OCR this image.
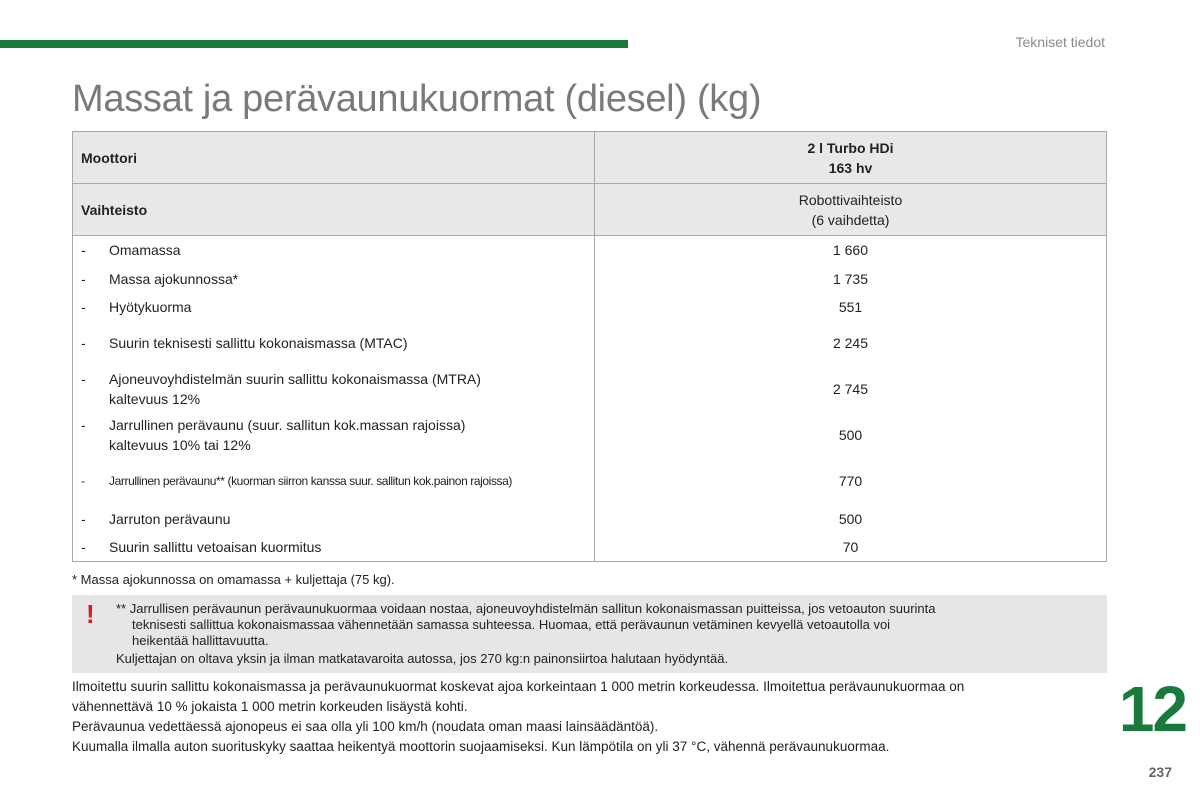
Tekniset tiedot
Massat ja perävaunukuormat (diesel) (kg)
Moottori	2 l Turbo HDi
163 hv

Vaihteisto	Robottivaihteisto
(6 vaihdetta)

- Omamassa	1 660

- Massa ajokunnossa*	1 735

- Hyötykuorma	551

- Suurin teknisesti sallittu kokonaismassa (MTAC)	2 245

- Ajoneuvoyhdistelmän suurin sallittu kokonaismassa (MTRA)
kaltevuus 12%	2 745

- Jarrullinen perävaunu (suur. sallitun kok.massan rajoissa)
kaltevuus 10% tai 12%	500

- Jarrullinen perävaunu** (kuorman siirron kanssa suur. sallitun kok.painon rajoissa)	770

- Jarruton perävaunu	500

- Suurin sallittu vetoaisan kuormitus	70
* Massa ajokunnossa on omamassa + kuljettaja (75 kg).
! ** Jarrullisen perävaunun perävaunukuormaa voidaan nostaa, ajoneuvoyhdistelmän sallitun kokonaismassan puitteissa, jos vetoauton suurinta

teknisesti sallittua kokonaismassaa vähennetään samassa suhteessa. Huomaa, että perävaunun vetäminen kevyellä vetoautolla voi

heikentää hallittavuutta.

Kuljettajan on oltava yksin ja ilman matkatavaroita autossa, jos 270 kg:n painonsiirtoa halutaan hyödyntää.

Ilmoitettu suurin sallittu kokonaismassa ja perävaunukuormat koskevat ajoa korkeintaan 1 000 metrin korkeudessa. Ilmoitettua perävaunukuormaa on

vähennettävä 10 % jokaista 1 000 metrin korkeuden lisäystä kohti.

Perävaunua vedettäessä ajonopeus ei saa olla yli 100 km/h (noudata oman maasi lainsäädäntöä).

Kuumalla ilmalla auton suorituskyky saattaa heikentyä moottorin suojaamiseksi. Kun lämpötila on yli 37 °C, vähennä perävaunukuormaa.

12
237
